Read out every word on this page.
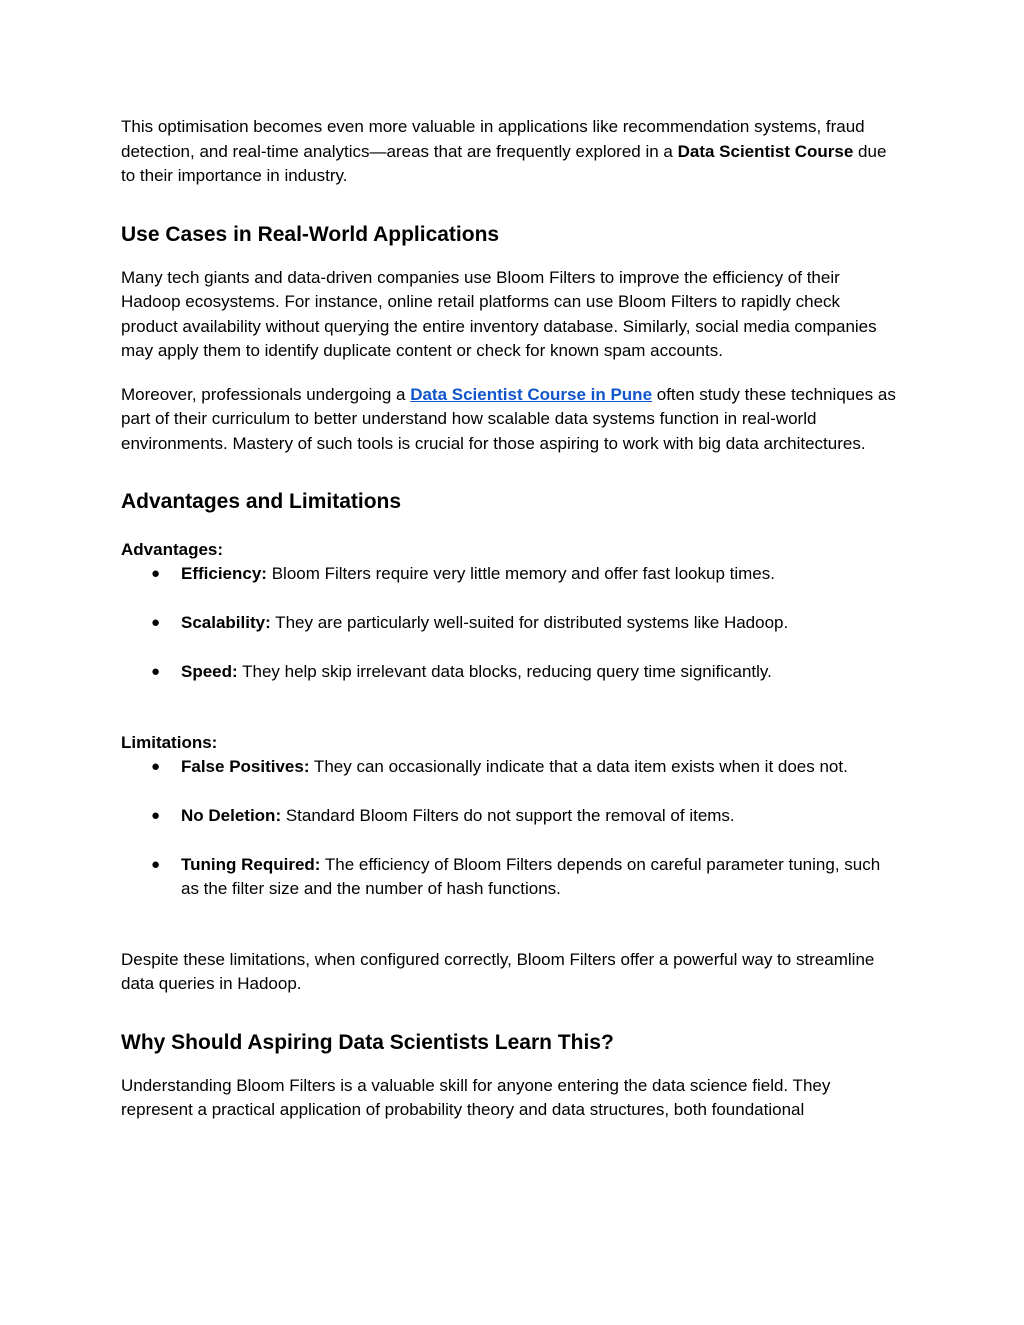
This optimisation becomes even more valuable in applications like recommendation systems, fraud detection, and real-time analytics—areas that are frequently explored in a Data Scientist Course due to their importance in industry.

Use Cases in Real-World Applications

Many tech giants and data-driven companies use Bloom Filters to improve the efficiency of their Hadoop ecosystems. For instance, online retail platforms can use Bloom Filters to rapidly check product availability without querying the entire inventory database. Similarly, social media companies may apply them to identify duplicate content or check for known spam accounts.

Moreover, professionals undergoing a Data Scientist Course in Pune often study these techniques as part of their curriculum to better understand how scalable data systems function in real-world environments. Mastery of such tools is crucial for those aspiring to work with big data architectures.

Advantages and Limitations
Advantages:
● Efficiency: Bloom Filters require very little memory and offer fast lookup times.
● Scalability: They are particularly well-suited for distributed systems like Hadoop.
● Speed: They help skip irrelevant data blocks, reducing query time significantly.
Limitations:
● False Positives: They can occasionally indicate that a data item exists when it does not.
● No Deletion: Standard Bloom Filters do not support the removal of items.
● Tuning Required: The efficiency of Bloom Filters depends on careful parameter tuning, such as the filter size and the number of hash functions.

Despite these limitations, when configured correctly, Bloom Filters offer a powerful way to streamline data queries in Hadoop.

Why Should Aspiring Data Scientists Learn This?

Understanding Bloom Filters is a valuable skill for anyone entering the data science field. They represent a practical application of probability theory and data structures, both foundational
